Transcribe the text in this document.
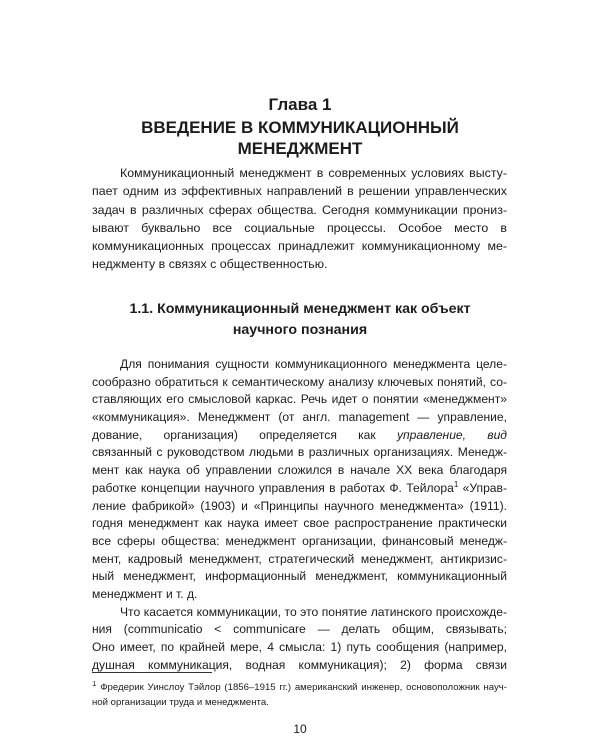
Глава 1
ВВЕДЕНИЕ В КОММУНИКАЦИОННЫЙ
МЕНЕДЖМЕНТ
Коммуникационный менеджмент в современных условиях высту-
пает одним из эффективных направлений в решении управленческих
задач в различных сферах общества. Сегодня коммуникации прониз-
ывают буквально все социальные процессы. Особое место в
коммуникационных процессах принадлежит коммуникационному ме-
неджменту в связях с общественностью.
1.1. Коммуникационный менеджмент как объект
научного познания
Для понимания сущности коммуникационного менеджмента целе-
сообразно обратиться к семантическому анализу ключевых понятий, со-
ставляющих его смысловой каркас. Речь идет о понятии «менеджмент»
«коммуникация». Менеджмент (от англ. management — управление,
дование, организация) определяется как управление, вид
связанный с руководством людьми в различных организациях. Менедж-
мент как наука об управлении сложился в начале XX века благодаря
работке концепции научного управления в работах Ф. Тейлора$^1$ «Управ-
ление фабрикой» (1903) и «Принципы научного менеджмента» (1911).
годня менеджмент как наука имеет свое распространение практически
все сферы общества: менеджмент организации, финансовый менедж-
мент, кадровый менеджмент, стратегический менеджмент, антикризис-
ный менеджмент, информационный менеджмент, коммуникационный
менеджмент и т. д.
Что касается коммуникации, то это понятие латинского происхожде-
ния (communicatio < communicare — делать общим, связывать;
Оно имеет, по крайней мере, 4 смысла: 1) путь сообщения (например,
душная коммуникация, водная коммуникация); 2) форма связи
$^1$ Фредерик Уинслоу Тэйлор (1856–1915 гг.) американский инженер, основоположник науч-
ной организации труда и менеджмента.
10
